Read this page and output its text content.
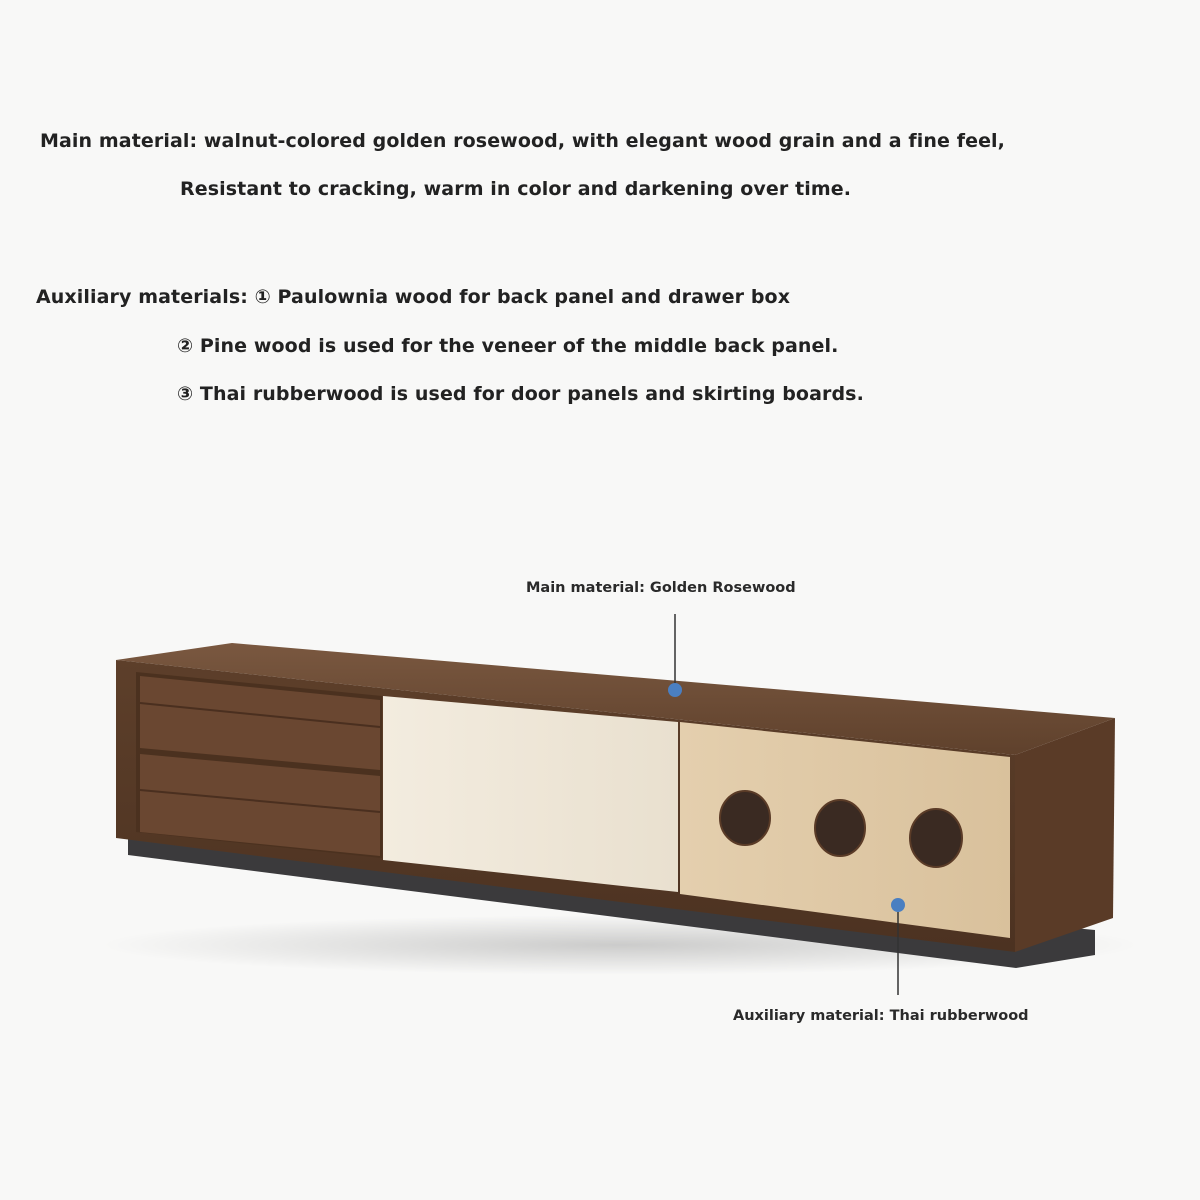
Main material: walnut-colored golden rosewood, with elegant wood grain and a fine feel,
Resistant to cracking, warm in color and darkening over time.
Auxiliary materials: ① Paulownia wood for back panel and drawer box
② Pine wood is used for the veneer of the middle back panel.
③ Thai rubberwood is used for door panels and skirting boards.
Main material: Golden Rosewood
Auxiliary material: Thai rubberwood
